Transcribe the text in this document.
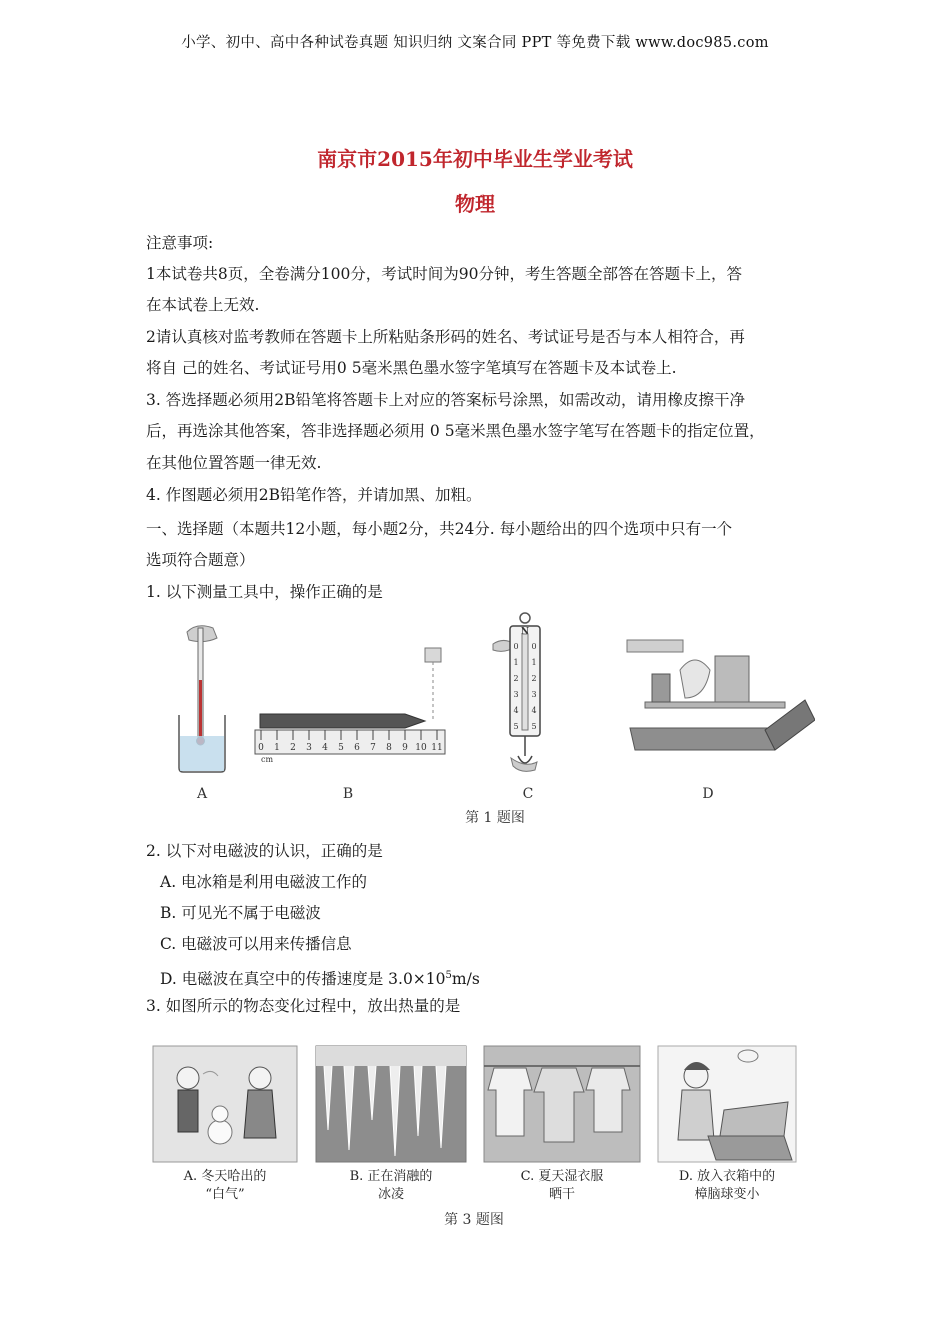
小学、初中、高中各种试卷真题 知识归纳 文案合同 PPT 等免费下载 www.doc985.com
南京市2015年初中毕业生学业考试
物理

注意事项:

1本试卷共8页，全卷满分100分，考试时间为90分钟，考生答题全部答在答题卡上，答

在本试卷上无效.

2请认真核对监考教师在答题卡上所粘贴条形码的姓名、考试证号是否与本人相符合，再

将自 己的姓名、考试证号用0 5毫米黑色墨水签字笔填写在答题卡及本试卷上.

3. 答选择题必须用2B铅笔将答题卡上对应的答案标号涂黑，如需改动，请用橡皮擦干净

后，再选涂其他答案，答非选择题必须用 0 5毫米黑色墨水签字笔写在答题卡的指定位置，

在其他位置答题一律无效.

4. 作图题必须用2B铅笔作答，并请加黑、加粗。

一、选择题（本题共12小题，每小题2分，共24分. 每小题给出的四个选项中只有一个

选项符合题意）

1. 以下测量工具中，操作正确的是

0 1 2 3 4 5 6 7 8 9 10 11
cm
N
0 0
1 1
2 2
3 3
4 4
5 5
A	B	C	D
第 1 题图

2. 以下对电磁波的认识，正确的是

A. 电冰箱是利用电磁波工作的

B. 可见光不属于电磁波

C. 电磁波可以用来传播信息

D. 电磁波在真空中的传播速度是 $3.0\times 10^5m/s$

3. 如图所示的物态变化过程中，放出热量的是

A. 冬天哈出的
“白气”
B. 正在消融的
冰凌
C. 夏天湿衣服
晒干
D. 放入衣箱中的
樟脑球变小
第 3 题图
